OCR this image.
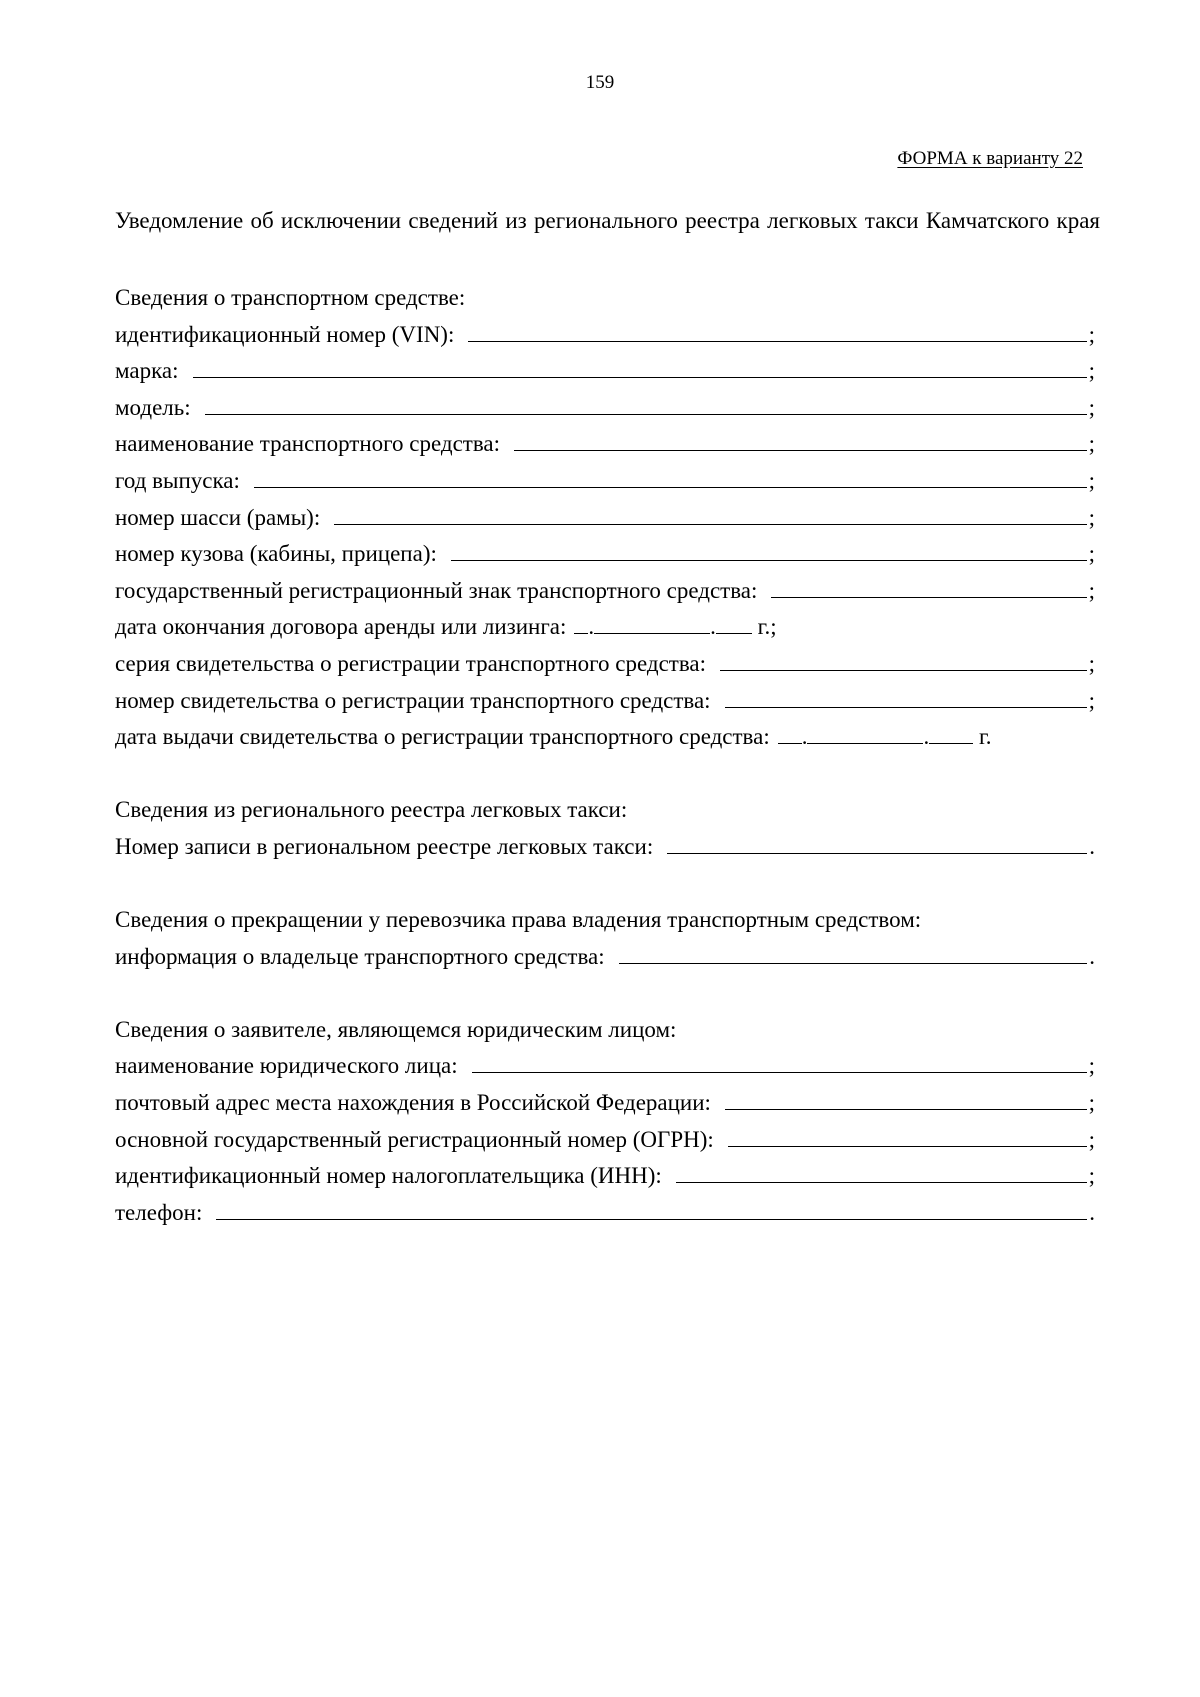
159
ФОРМА к варианту 22
Уведомление об исключении сведений из регионального реестра легковых такси Камчатского края
Сведения о транспортном средстве:
идентификационный номер (VIN):	;
марка:	;
модель:	;
наименование транспортного средства:	;
год выпуска:	;
номер шасси (рамы):	;
номер кузова (кабины, прицепа):	;
государственный регистрационный знак транспортного средства:	;
дата окончания договора аренды или лизинга: .	. г.;
серия свидетельства о регистрации транспортного средства:	;
номер свидетельства о регистрации транспортного средства:	;
дата выдачи свидетельства о регистрации транспортного средства:	.	. г.
Сведения из регионального реестра легковых такси:
Номер записи в региональном реестре легковых такси:	.
Сведения о прекращении у перевозчика права владения транспортным средством:
информация о владельце транспортного средства:	.
Сведения о заявителе, являющемся юридическим лицом:
наименование юридического лица:	;
почтовый адрес места нахождения в Российской Федерации:	;
основной государственный регистрационный номер (ОГРН):	;
идентификационный номер налогоплательщика (ИНН):	;
телефон:	.
